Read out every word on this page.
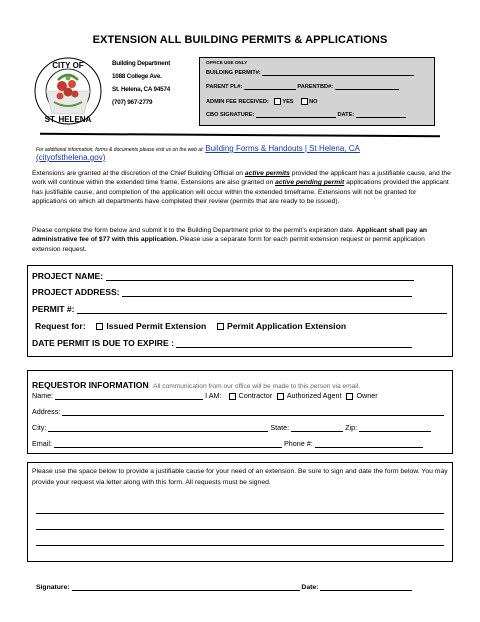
EXTENSION ALL BUILDING PERMITS & APPLICATIONS
CITY OF
ST. HELENA
Building Department
1088 College Ave.
St. Helena, CA 94574
(707) 967-2779
OFFICE USE ONLY
BUILDING PERMIT#:
PARENT PL#:	PARENTBD#:
ADMIN FEE RECEIVED: YES	NO
CBO SIGNATURE:	DATE:
For additional information, forms & documents please visit us on the web at: Building Forms & Handouts | St Helena, CA
(cityofsthelena.gov)
Extensions are granted at the discretion of the Chief Building Official on active permits provided the applicant has a justifiable cause, and the work will continue within the extended time frame. Extensions are also granted on active pending permit applications provided the applicant has justifiable cause, and completion of the application will occur within the extended timeframe. Extensions will not be granted for applications on which all departments have completed their review (permits that are ready to be issued).
Please complete the form below and submit it to the Building Department prior to the permit’s expiration date. Applicant shall pay an administrative fee of $77 with this application. Please use a separate form for each permit extension request or permit application extension request.
PROJECT NAME:
PROJECT ADDRESS:
PERMIT #:
Request for: Issued Permit Extension Permit Application Extension
DATE PERMIT IS DUE TO EXPIRE :
REQUESTOR INFORMATION All communication from our office will be made to this person via email.
Name:	I AM: Contractor Authorized Agent Owner
Address:
City:	State:	Zip:
Email:	Phone #:
Please use the space below to provide a justifiable cause for your need of an extension. Be sure to sign and date the form below. You may provide your request via letter along with this form. All requests must be signed.
Signature:	Date:
